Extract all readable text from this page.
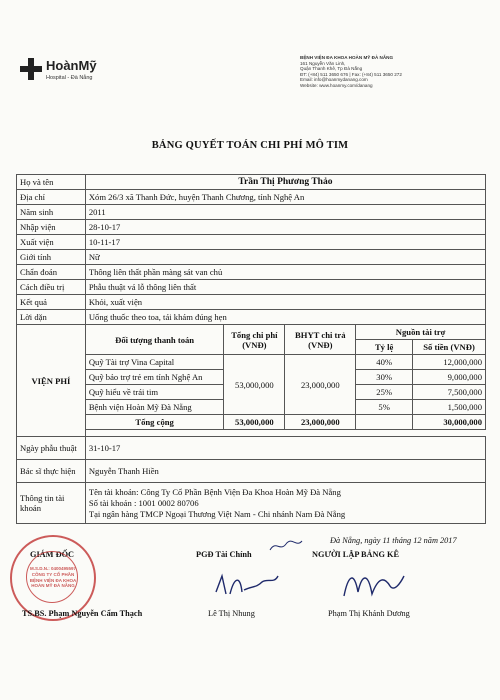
HoànMỹ
Hospital - Đà Nẵng
BỆNH VIỆN ĐA KHOA HOÀN MỸ ĐÀ NẴNG
161 Nguyễn Văn Linh,
Quận Thanh Khê, Tp Đà Nẵng
ĐT: (+84) 511 3650 676 | Fax: (+84) 511 3650 272
Email: info@hoanmydanang.com
Website: www.hoanmy.com/danang
BẢNG QUYẾT TOÁN CHI PHÍ MÔ TIM
Họ và tên	Trần Thị Phương Thảo				
Địa chỉ	Xóm 26/3 xã Thanh Đức, huyện Thanh Chương, tỉnh Nghệ An				
Năm sinh	2011				
Nhập viện	28-10-17				
Xuất viện	10-11-17				
Giới tính	Nữ				
Chẩn đoán	Thông liên thất phần màng sát van chủ				
Cách điều trị	Phẫu thuật vá lỗ thông liên thất				
Kết quả	Khỏi, xuất viện				
Lời dặn	Uống thuốc theo toa, tái khám đúng hẹn				
VIỆN PHÍ	Đối tượng thanh toán	Tổng chi phí (VNĐ)	BHYT chi trả (VNĐ)	Nguồn tài trợ	
				Tỷ lệ	Số tiền (VNĐ)
	Quỹ Tài trợ Vina Capital	53,000,000	23,000,000	40%	12,000,000
	Quỹ bảo trợ trẻ em tỉnh Nghệ An			30%	9,000,000
	Quỹ hiểu về trái tim			25%	7,500,000
	Bệnh viện Hoàn Mỹ Đà Nẵng			5%	1,500,000
	Tổng cộng	53,000,000	23,000,000		30,000,000

Ngày phẫu thuật	31-10-17				
Bác sĩ thực hiện	Nguyễn Thanh Hiền				
Thông tin tài khoản	Tên tài khoản: Công Ty Cổ Phần Bệnh Viện Đa Khoa Hoàn Mỹ Đà Nẵng
Số tài khoản : 1001 0002 80706
Tại ngân hàng TMCP Ngoại Thương Việt Nam - Chi nhánh Nam Đà Nẵng				
Đà Nẵng, ngày 11 tháng 12 năm 2017
GIÁM ĐỐC	PGĐ Tài Chính	NGƯỜI LẬP BẢNG KÊ
M.S.D.N.: 0400495597
CÔNG TY CỔ PHẦN BỆNH VIỆN ĐA KHOA HOÀN MỸ ĐÀ NẴNG
TS.BS. Phạm Nguyễn Cẩm Thạch	Lê Thị Nhung	Phạm Thị Khánh Dương
